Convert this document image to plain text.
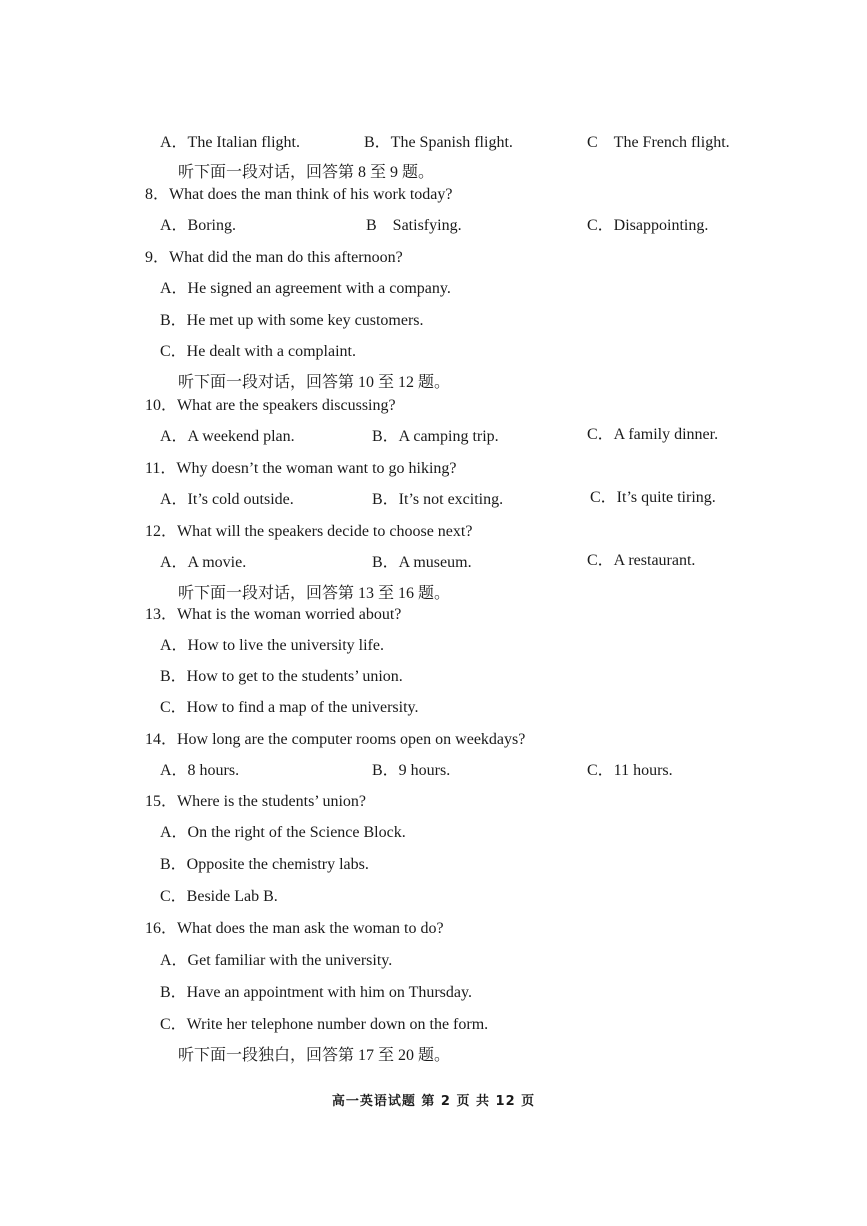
A．The Italian flight.	B．The Spanish flight.	C　The French flight.
听下面一段对话，回答第 8 至 9 题。
8．What does the man think of his work today?
A．Boring.	B　Satisfying.	C．Disappointing.
9．What did the man do this afternoon?
A．He signed an agreement with a company.
B．He met up with some key customers.
C．He dealt with a complaint.
听下面一段对话，回答第 10 至 12 题。
10．What are the speakers discussing?
A．A weekend plan.	B．A camping trip.	C．A family dinner.
11．Why doesn’t the woman want to go hiking?
A．It’s cold outside.	B．It’s not exciting.	C．It’s quite tiring.
12．What will the speakers decide to choose next?
A．A movie.	B．A museum.	C．A restaurant.
听下面一段对话，回答第 13 至 16 题。
13．What is the woman worried about?
A．How to live the university life.
B．How to get to the students’ union.
C．How to find a map of the university.
14．How long are the computer rooms open on weekdays?
A．8 hours.	B．9 hours.	C．11 hours.
15．Where is the students’ union?
A．On the right of the Science Block.
B．Opposite the chemistry labs.
C．Beside Lab B.
16．What does the man ask the woman to do?
A．Get familiar with the university.
B．Have an appointment with him on Thursday.
C．Write her telephone number down on the form.
听下面一段独白，回答第 17 至 20 题。
高一英语试题 第 2 页 共 12 页
